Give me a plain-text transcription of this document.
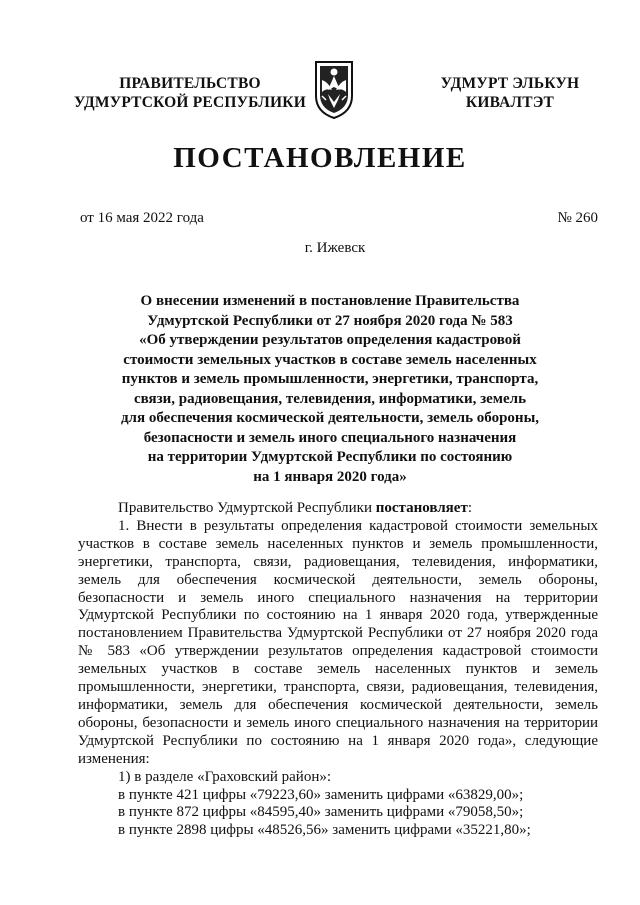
ПРАВИТЕЛЬСТВО
УДМУРТСКОЙ РЕСПУБЛИКИ
УДМУРТ ЭЛЬКУН
КИВАЛТЭТ
ПОСТАНОВЛЕНИЕ
от 16 мая 2022 года	№ 260
г. Ижевск
О внесении изменений в постановление Правительства
Удмуртской Республики от 27 ноября 2020 года № 583
«Об утверждении результатов определения кадастровой
стоимости земельных участков в составе земель населенных
пунктов и земель промышленности, энергетики, транспорта,
связи, радиовещания, телевидения, информатики, земель
для обеспечения космической деятельности, земель обороны,
безопасности и земель иного специального назначения
на территории Удмуртской Республики по состоянию
на 1 января 2020 года»
Правительство Удмуртской Республики постановляет:
1. Внести в результаты определения кадастровой стоимости земельных
участков в составе земель населенных пунктов и земель промышленности,
энергетики, транспорта, связи, радиовещания, телевидения, информатики,
земель для обеспечения космической деятельности, земель обороны,
безопасности и земель иного специального назначения на территории
Удмуртской Республики по состоянию на 1 января 2020 года, утвержденные
постановлением Правительства Удмуртской Республики от 27 ноября 2020 года
№ 583 «Об утверждении результатов определения кадастровой стоимости
земельных участков в составе земель населенных пунктов и земель
промышленности, энергетики, транспорта, связи, радиовещания, телевидения,
информатики, земель для обеспечения космической деятельности, земель
обороны, безопасности и земель иного специального назначения на территории
Удмуртской Республики по состоянию на 1 января 2020 года», следующие
изменения:
1) в разделе «Граховский район»:
в пункте 421 цифры «79223,60» заменить цифрами «63829,00»;
в пункте 872 цифры «84595,40» заменить цифрами «79058,50»;
в пункте 2898 цифры «48526,56» заменить цифрами «35221,80»;
